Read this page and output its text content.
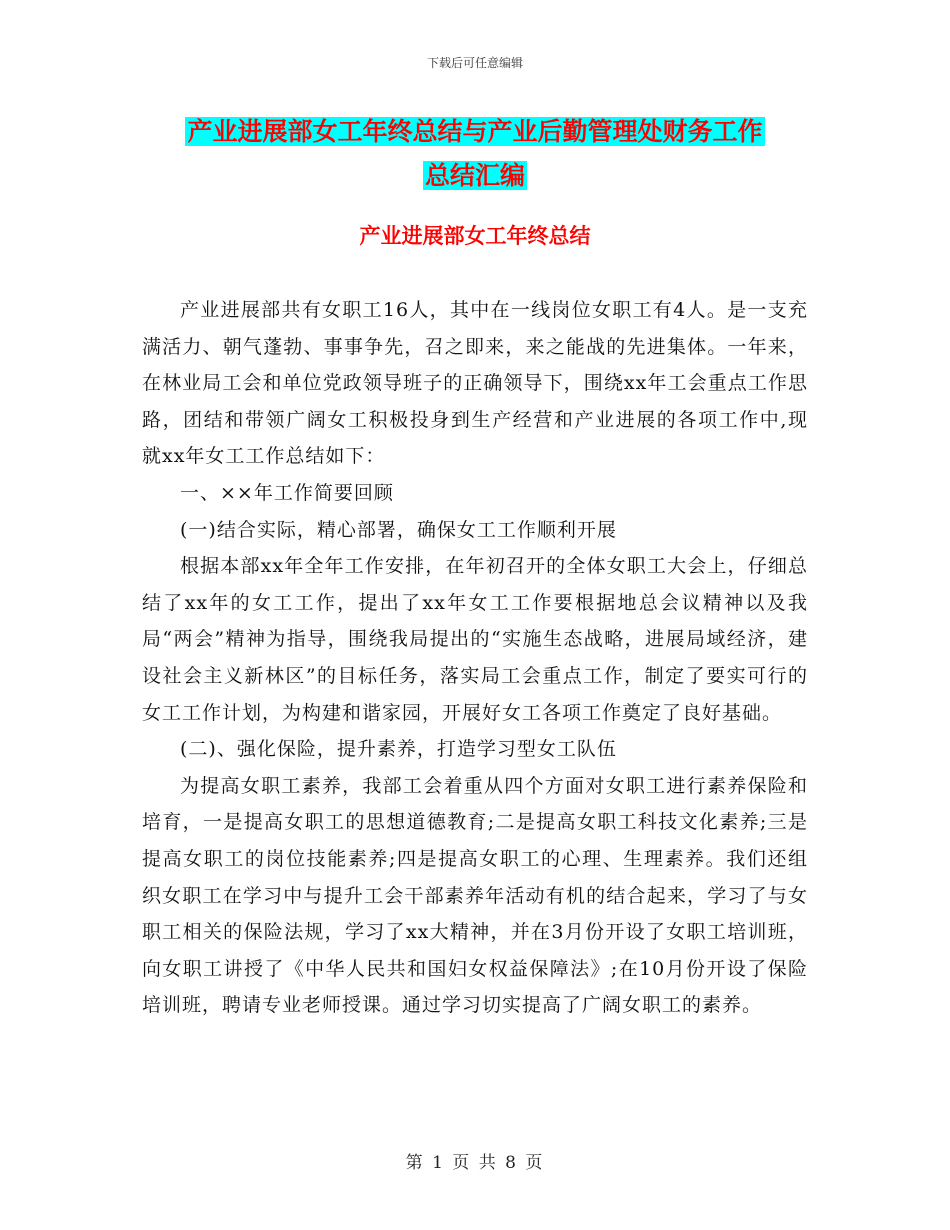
下载后可任意编辑
产业进展部女工年终总结与产业后勤管理处财务工作
总结汇编
产业进展部女工年终总结

产业进展部共有女职工16人，其中在一线岗位女职工有4人。是一支充满活力、朝气蓬勃、事事争先，召之即来，来之能战的先进集体。一年来，在林业局工会和单位党政领导班子的正确领导下，围绕xx年工会重点工作思路，团结和带领广阔女工积极投身到生产经营和产业进展的各项工作中,现就xx年女工工作总结如下：

一、××年工作简要回顾

(一)结合实际，精心部署，确保女工工作顺利开展

根据本部xx年全年工作安排，在年初召开的全体女职工大会上，仔细总结了xx年的女工工作，提出了xx年女工工作要根据地总会议精神以及我局“两会”精神为指导，围绕我局提出的“实施生态战略，进展局域经济，建设社会主义新林区”的目标任务，落实局工会重点工作，制定了要实可行的女工工作计划，为构建和谐家园，开展好女工各项工作奠定了良好基础。

(二)、强化保险，提升素养，打造学习型女工队伍

为提高女职工素养，我部工会着重从四个方面对女职工进行素养保险和培育，一是提高女职工的思想道德教育;二是提高女职工科技文化素养;三是提高女职工的岗位技能素养;四是提高女职工的心理、生理素养。我们还组织女职工在学习中与提升工会干部素养年活动有机的结合起来，学习了与女职工相关的保险法规，学习了xx大精神，并在3月份开设了女职工培训班，向女职工讲授了《中华人民共和国妇女权益保障法》;在10月份开设了保险培训班，聘请专业老师授课。通过学习切实提高了广阔女职工的素养。

第 1 页 共 8 页
